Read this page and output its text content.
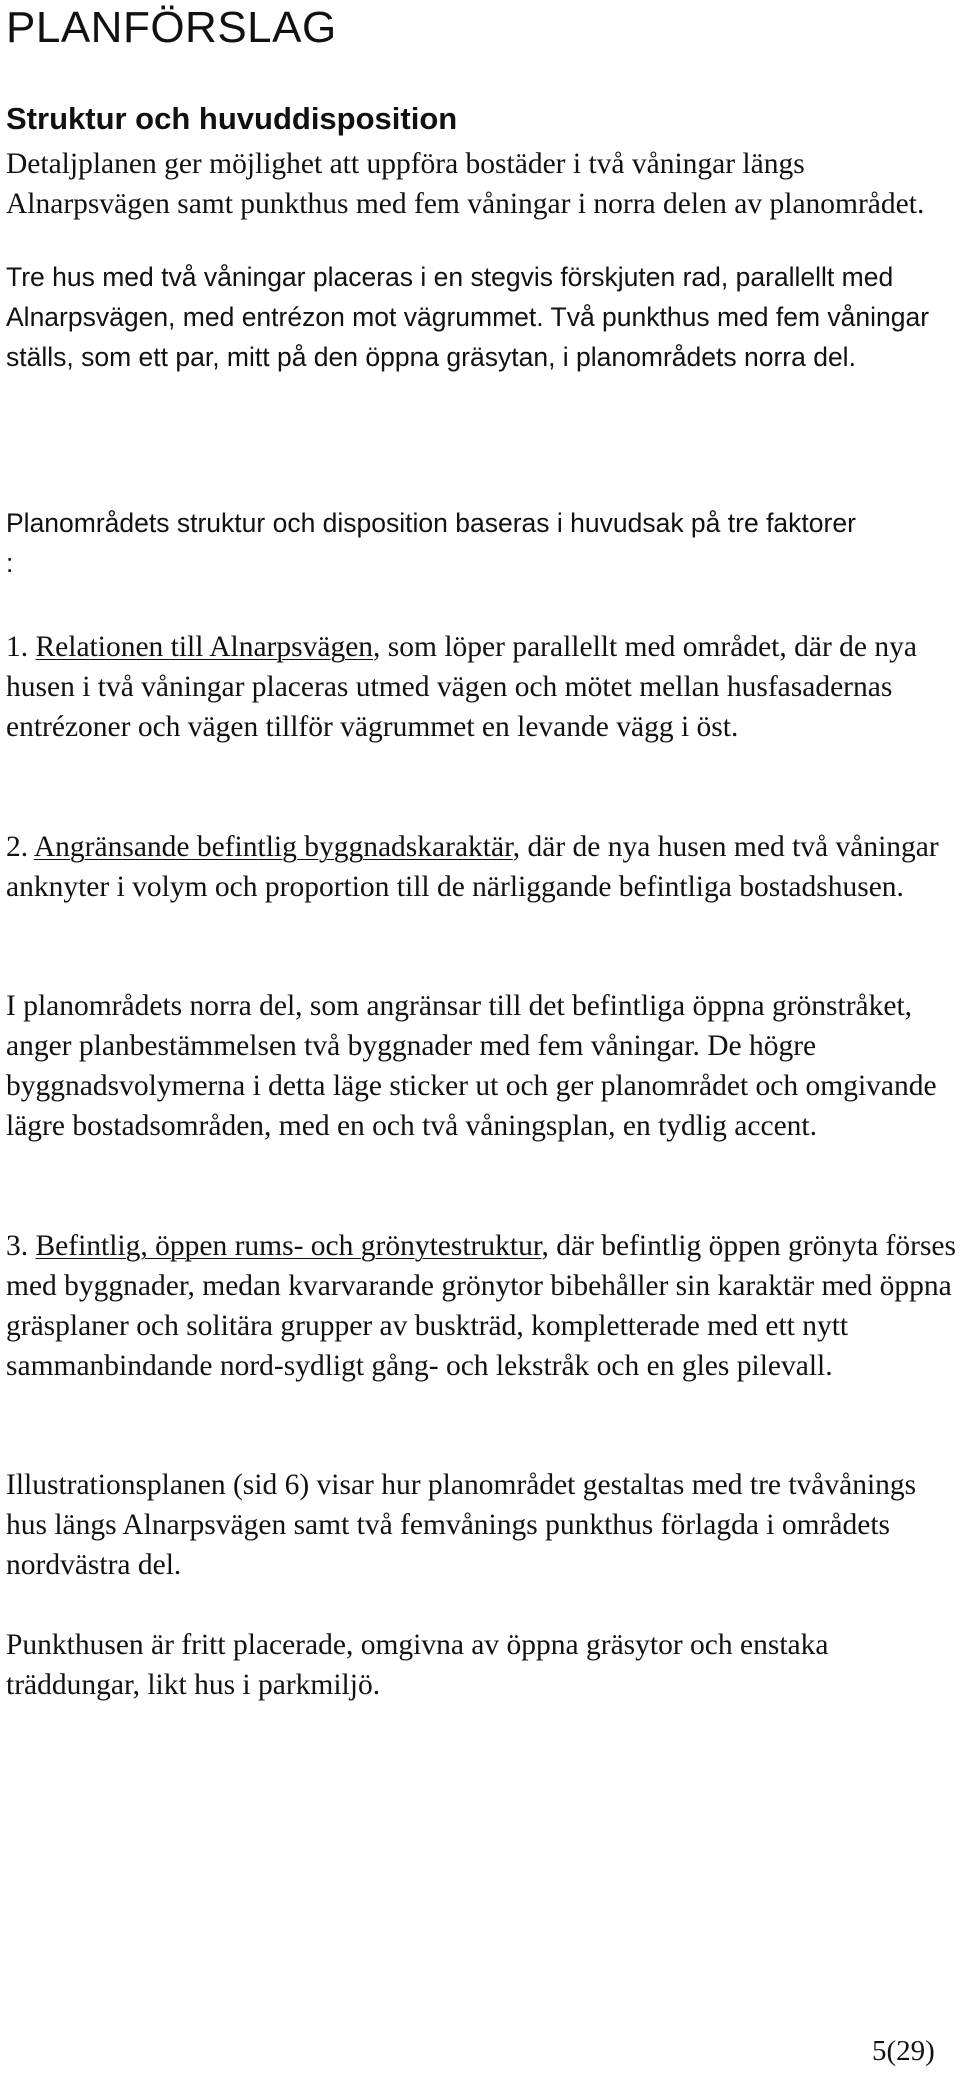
PLANFÖRSLAG
Struktur och huvuddisposition

Detaljplanen ger möjlighet att uppföra bostäder i två våningar längs Alnarpsvägen samt punkthus med fem våningar i norra delen av planområdet.

Tre hus med två våningar placeras i en stegvis förskjuten rad, parallellt med Alnarpsvägen, med entrézon mot vägrummet. Två punkthus med fem våningar ställs, som ett par, mitt på den öppna gräsytan, i planområdets norra del.

Planområdets struktur och disposition baseras i huvudsak på tre faktorer :

1. Relationen till Alnarpsvägen, som löper parallellt med området, där de nya husen i två våningar placeras utmed vägen och mötet mellan husfasadernas entrézoner och vägen tillför vägrummet en levande vägg i öst.

2. Angränsande befintlig byggnadskaraktär, där de nya husen med två våningar anknyter i volym och proportion till de närliggande befintliga bostadshusen.

I planområdets norra del, som angränsar till det befintliga öppna grönstråket, anger planbestämmelsen två byggnader med fem våningar. De högre byggnadsvolymerna i detta läge sticker ut och ger planområdet och omgivande lägre bostadsområden, med en och två våningsplan, en tydlig accent.

3. Befintlig, öppen rums- och grönytestruktur, där befintlig öppen grönyta förses med byggnader, medan kvarvarande grönytor bibehåller sin karaktär med öppna gräsplaner och solitära grupper av buskträd, kompletterade med ett nytt sammanbindande nord-sydligt gång- och lekstråk och en gles pilevall.

Illustrationsplanen (sid 6) visar hur planområdet gestaltas med tre tvåvånings hus längs Alnarpsvägen samt två femvånings punkthus förlagda i områdets nordvästra del.

Punkthusen är fritt placerade, omgivna av öppna gräsytor och enstaka träddungar, likt hus i parkmiljö.

5(29)
